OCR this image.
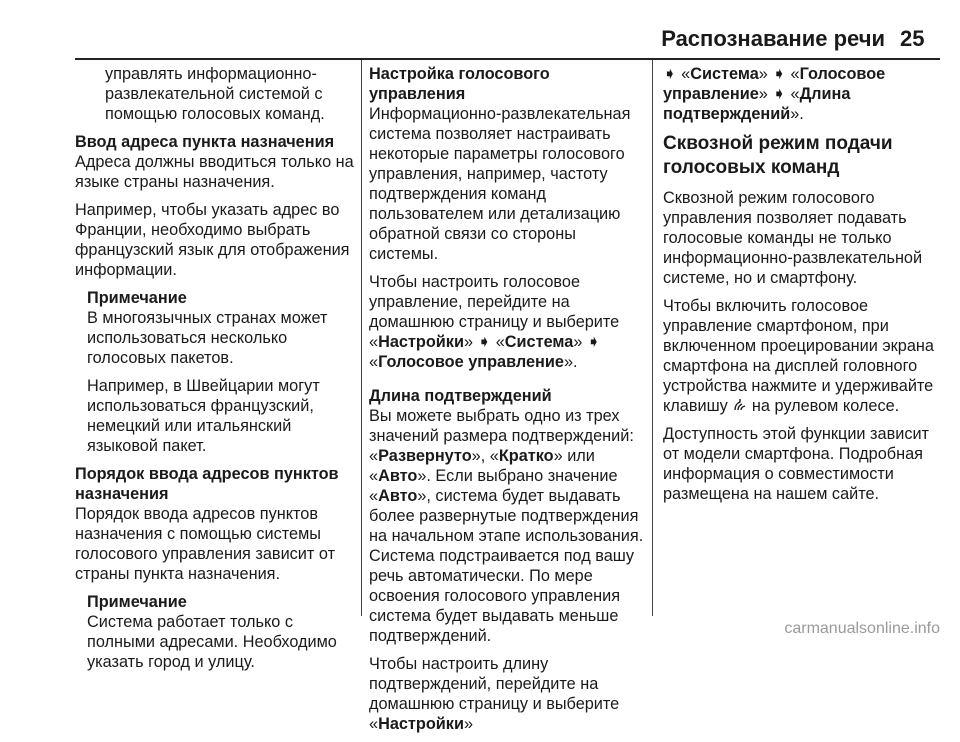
Распознавание речи 25

управлять информационно-развлекательной системой с помощью голосовых команд.

Ввод адреса пункта назначения

Адреса должны вводиться только на языке страны назначения.

Например, чтобы указать адрес во Франции, необходимо выбрать французский язык для отображения информации.

Примечание

В многоязычных странах может использоваться несколько голосовых пакетов.

Например, в Швейцарии могут использоваться французский, немецкий или итальянский языковой пакет.

Порядок ввода адресов пунктов назначения

Порядок ввода адресов пунктов назначения с помощью системы голосового управления зависит от страны пункта назначения.

Примечание

Система работает только с полными адресами. Необходимо указать город и улицу.

Настройка голосового управления

Информационно-развлекательная система позволяет настраивать некоторые параметры голосового управления, например, частоту подтверждения команд пользователем или детализацию обратной связи со стороны системы.

Чтобы настроить голосовое управление, перейдите на домашнюю страницу и выберите «Настройки» ➧ «Система» ➧ «Голосовое управление».

Длина подтверждений

Вы можете выбрать одно из трех значений размера подтверждений: «Развернуто», «Кратко» или «Авто». Если выбрано значение «Авто», система будет выдавать более развернутые подтверждения на начальном этапе использования. Система подстраивается под вашу речь автоматически. По мере освоения голосового управления система будет выдавать меньше подтверждений.

Чтобы настроить длину подтверждений, перейдите на домашнюю страницу и выберите «Настройки»

➧ «Система» ➧ «Голосовое управление» ➧ «Длина подтверждений».

Сквозной режим подачи голосовых команд

Сквозной режим голосового управления позволяет подавать голосовые команды не только информационно-развлекательной системе, но и смартфону.

Чтобы включить голосовое управление смартфоном, при включенном проецировании экрана смартфона на дисплей головного устройства нажмите и удерживайте клавишу на рулевом колесе.

Доступность этой функции зависит от модели смартфона. Подробная информация о совместимости размещена на нашем сайте.

carmanualsonline.info
